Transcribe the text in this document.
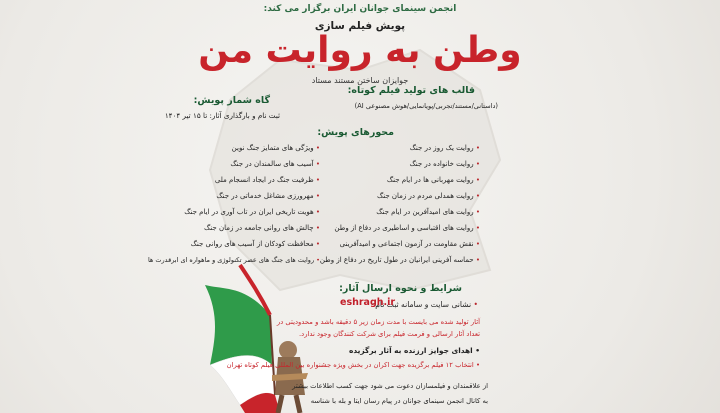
انجمن سینمای جوانان ایران برگزار می کند:
پویش فیلم سازی
وطن به روایت من
جوایزان ساختن مستند مستاد
قالب های تولید فیلم کوتاه:
(داستانی/مستند/تجربی/پویانمایی/هوش مصنوعی AI)
گاه شمار پویش:
ثبت نام و بارگذاری آثار: تا ۱۵ تیر ۱۴۰۴
محورهای پویش:
• روایت یک روز در جنگ
• روایت خانواده در جنگ
• روایت مهربانی ها در ایام جنگ
• روایت همدلی مردم در زمان جنگ
• روایت های امیدآفرین در ایام جنگ
• روایت های اقتباسی و اساطیری در دفاع از وطن
• نقش مقاومت در آزمون اجتماعی و امیدآفرینی
• حماسه آفرینی ایرانیان در طول تاریخ در دفاع از وطن
• ویژگی های متمایز جنگ نوین
• آسیب های سالمندان در جنگ
• ظرفیت جنگ در ایجاد انسجام ملی
• مهرورزی مشاغل خدماتی در جنگ
• هویت تاریخی ایران در تاب آوری در ایام جنگ
• چالش های روانی جامعه در زمان جنگ
• محافظت کودکان از آسیب های روانی جنگ
• روایت های جنگ های عصر تکنولوژی و ماهواره ای ابرقدرت ها
شرایط و نحوه ارسال آثار:
• نشانی سایت و سامانه ثبت نام:
eshragh.ir
آثار تولید شده می بایست با مدت زمان زیر ۵ دقیقه باشد و محدودیتی در
تعداد آثار ارسالی و فرمت فیلم برای شرکت کنندگان وجود ندارد.
• اهدای جوایز ارزنده به آثار برگزیده
• انتخاب ۱۲ فیلم برگزیده جهت اکران در بخش ویژه جشنواره بین المللی فیلم کوتاه تهران
از علاقمندان و فیلمسازان دعوت می شود جهت کسب اطلاعات بیشتر
به کانال انجمن سینمای جوانان در پیام رسان ایتا و بله با شناسه
